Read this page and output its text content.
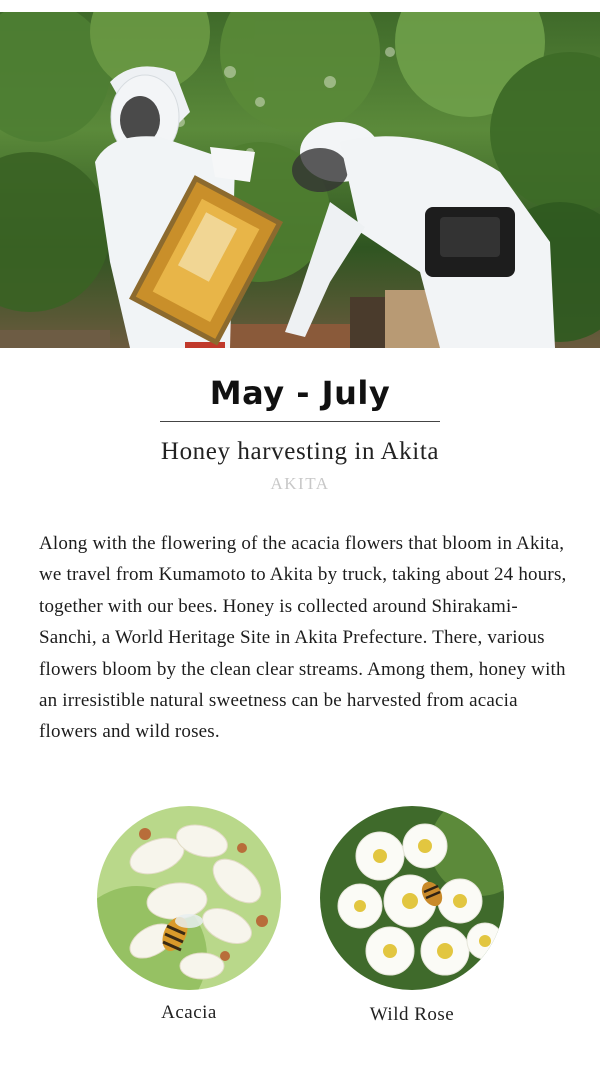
May - July
Honey harvesting in Akita
AKITA
Along with the flowering of the acacia flowers that bloom in Akita, we travel from Kumamoto to Akita by truck, taking about 24 hours, together with our bees. Honey is collected around Shirakami-Sanchi, a World Heritage Site in Akita Prefecture. There, various flowers bloom by the clean clear streams. Among them, honey with an irresistible natural sweetness can be harvested from acacia flowers and wild roses.
Acacia	Wild Rose
